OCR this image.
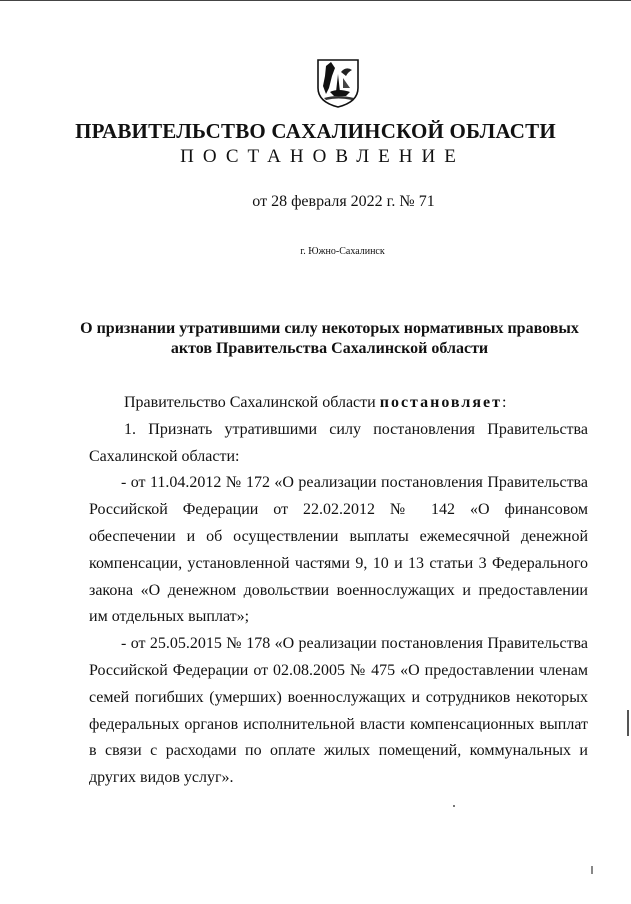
ПРАВИТЕЛЬСТВО САХАЛИНСКОЙ ОБЛАСТИ
ПОСТАНОВЛЕНИЕ
от 28 февраля 2022 г. № 71
г. Южно-Сахалинск
О признании утратившими силу некоторых нормативных правовых
актов Правительства Сахалинской области

Правительство Сахалинской области постановляет:

1. Признать утратившими силу постановления Правительства Сахалинской области:

- от 11.04.2012 № 172 «О реализации постановления Правительства Российской Федерации от 22.02.2012 № 142 «О финансовом обеспечении и об осуществлении выплаты ежемесячной денежной компенсации, установленной частями 9, 10 и 13 статьи 3 Федерального закона «О денежном довольствии военнослужащих и предоставлении им отдельных выплат»;

- от 25.05.2015 № 178 «О реализации постановления Правительства Российской Федерации от 02.08.2005 № 475 «О предоставлении членам семей погибших (умерших) военнослужащих и сотрудников некоторых федеральных органов исполнительной власти компенсационных выплат в связи с расходами по оплате жилых помещений, коммунальных и других видов услуг».
